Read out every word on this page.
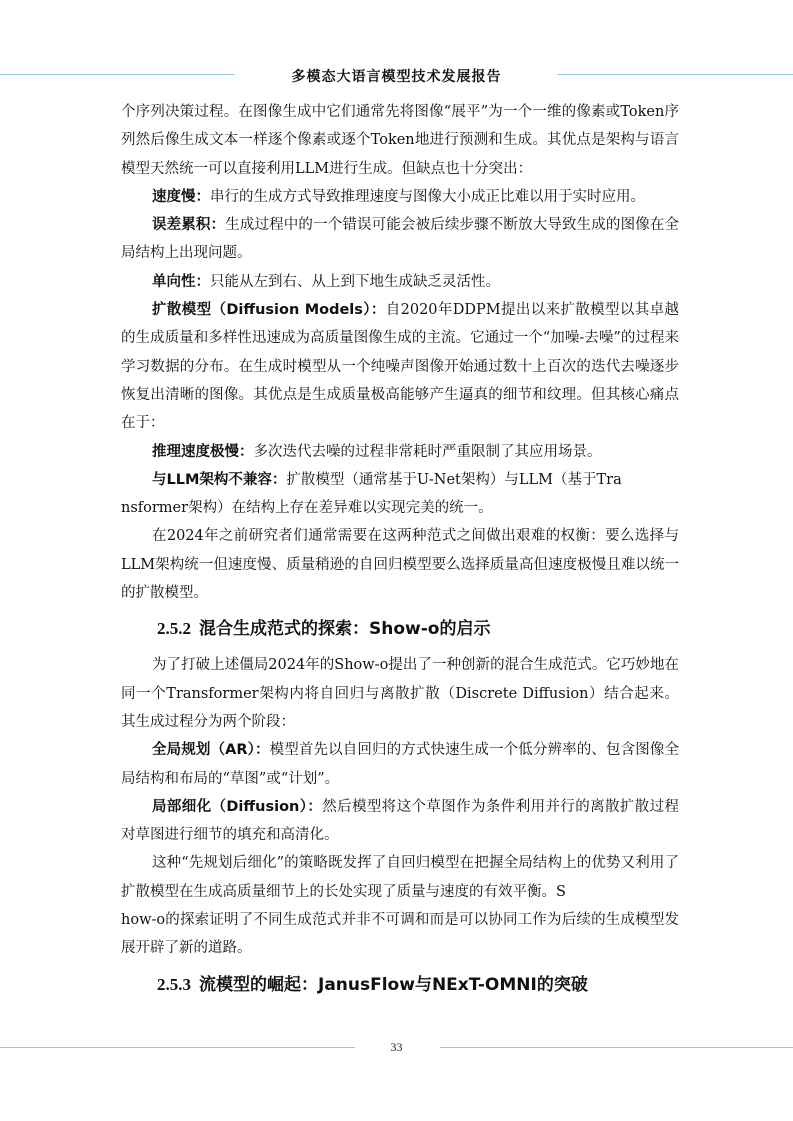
多模态大语言模型技术发展报告

个序列决策过程。在图像生成中它们通常先将图像“展平”为一个一维的像素或Token序列然后像生成文本一样逐个像素或逐个Token地进行预测和生成。其优点是架构与语言模型天然统一可以直接利用LLM进行生成。但缺点也十分突出：

速度慢：串行的生成方式导致推理速度与图像大小成正比难以用于实时应用。

误差累积：生成过程中的一个错误可能会被后续步骤不断放大导致生成的图像在全局结构上出现问题。

单向性：只能从左到右、从上到下地生成缺乏灵活性。

扩散模型（Diffusion Models）：自2020年DDPM提出以来扩散模型以其卓越的生成质量和多样性迅速成为高质量图像生成的主流。它通过一个“加噪-去噪”的过程来学习数据的分布。在生成时模型从一个纯噪声图像开始通过数十上百次的迭代去噪逐步恢复出清晰的图像。其优点是生成质量极高能够产生逼真的细节和纹理。但其核心痛点在于：

推理速度极慢：多次迭代去噪的过程非常耗时严重限制了其应用场景。

与LLM架构不兼容：扩散模型（通常基于U-Net架构）与LLM（基于Tra
nsformer架构）在结构上存在差异难以实现完美的统一。

在2024年之前研究者们通常需要在这两种范式之间做出艰难的权衡：要么选择与LLM架构统一但速度慢、质量稍逊的自回归模型要么选择质量高但速度极慢且难以统一的扩散模型。

2.5.2 混合生成范式的探索：Show-o的启示

为了打破上述僵局2024年的Show-o提出了一种创新的混合生成范式。它巧妙地在同一个Transformer架构内将自回归与离散扩散（Discrete Diffusion）结合起来。其生成过程分为两个阶段：

全局规划（AR）：模型首先以自回归的方式快速生成一个低分辨率的、包含图像全局结构和布局的“草图”或“计划”。

局部细化（Diffusion）：然后模型将这个草图作为条件利用并行的离散扩散过程对草图进行细节的填充和高清化。

这种“先规划后细化”的策略既发挥了自回归模型在把握全局结构上的优势又利用了扩散模型在生成高质量细节上的长处实现了质量与速度的有效平衡。S
how-o的探索证明了不同生成范式并非不可调和而是可以协同工作为后续的生成模型发展开辟了新的道路。

2.5.3 流模型的崛起：JanusFlow与NExT-OMNI的突破
33
